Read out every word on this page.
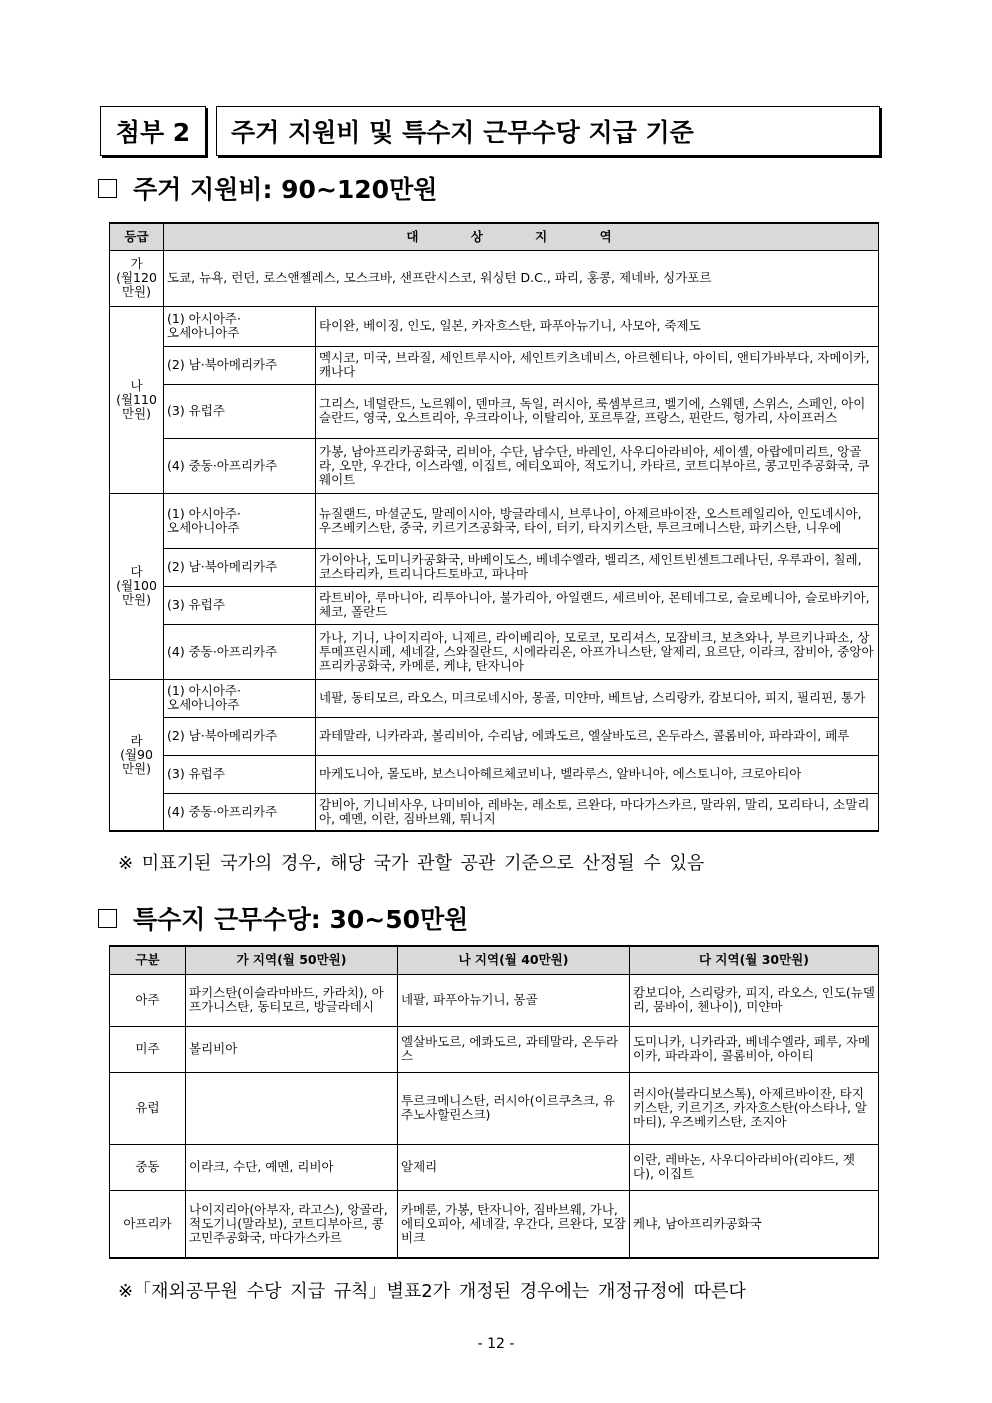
첨부 2	주거 지원비 및 특수지 근무수당 지급 기준
주거 지원비: 90~120만원
등급	대 상 지 역	
가
(월120
만원)	도쿄, 뉴욕, 런던, 로스앤젤레스, 모스크바, 샌프란시스코, 워싱턴 D.C., 파리, 홍콩, 제네바, 싱가포르	
나
(월110
만원)	(1) 아시아주·
오세아니아주	타이완, 베이징, 인도, 일본, 카자흐스탄, 파푸아뉴기니, 사모아, 죽제도
	(2) 남·북아메리카주	멕시코, 미국, 브라질, 세인트루시아, 세인트키츠네비스, 아르헨티나, 아이티, 앤티가바부다, 자메이카, 캐나다
	(3) 유럽주	그리스, 네덜란드, 노르웨이, 덴마크, 독일, 러시아, 룩셈부르크, 벨기에, 스웨덴, 스위스, 스페인, 아이슬란드, 영국, 오스트리아, 우크라이나, 이탈리아, 포르투갈, 프랑스, 핀란드, 헝가리, 사이프러스
	(4) 중동·아프리카주	가봉, 남아프리카공화국, 리비아, 수단, 남수단, 바레인, 사우디아라비아, 세이셸, 아랍에미리트, 앙골라, 오만, 우간다, 이스라엘, 이집트, 에티오피아, 적도기니, 카타르, 코트디부아르, 콩고민주공화국, 쿠웨이트
다
(월100
만원)	(1) 아시아주·
오세아니아주	뉴질랜드, 마셜군도, 말레이시아, 방글라데시, 브루나이, 아제르바이잔, 오스트레일리아, 인도네시아, 우즈베키스탄, 중국, 키르기즈공화국, 타이, 터키, 타지키스탄, 투르크메니스탄, 파키스탄, 니우에
	(2) 남·북아메리카주	가이아나, 도미니카공화국, 바베이도스, 베네수엘라, 벨리즈, 세인트빈센트그레나딘, 우루과이, 칠레, 코스타리카, 트리니다드토바고, 파나마
	(3) 유럽주	라트비아, 루마니아, 리투아니아, 불가리아, 아일랜드, 세르비아, 몬테네그로, 슬로베니아, 슬로바키아, 체코, 폴란드
	(4) 중동·아프리카주	가나, 기니, 나이지리아, 니제르, 라이베리아, 모로코, 모리셔스, 모잠비크, 보츠와나, 부르키나파소, 상투메프린시페, 세네갈, 스와질란드, 시에라리온, 아프가니스탄, 알제리, 요르단, 이라크, 잠비아, 중앙아프리카공화국, 카메룬, 케냐, 탄자니아
라
(월90
만원)	(1) 아시아주·
오세아니아주	네팔, 동티모르, 라오스, 미크로네시아, 몽골, 미얀마, 베트남, 스리랑카, 캄보디아, 피지, 필리핀, 통가
	(2) 남·북아메리카주	과테말라, 니카라과, 볼리비아, 수리남, 에콰도르, 엘살바도르, 온두라스, 콜롬비아, 파라과이, 페루
	(3) 유럽주	마케도니아, 몰도바, 보스니아헤르체코비나, 벨라루스, 알바니아, 에스토니아, 크로아티아
	(4) 중동·아프리카주	감비아, 기니비사우, 나미비아, 레바논, 레소토, 르완다, 마다가스카르, 말라위, 말리, 모리타니, 소말리아, 예멘, 이란, 짐바브웨, 튀니지
※ 미표기된 국가의 경우, 해당 국가 관할 공관 기준으로 산정될 수 있음
특수지 근무수당: 30~50만원
구분	가 지역(월 50만원)	나 지역(월 40만원)	다 지역(월 30만원)
아주	파키스탄(이슬라마바드, 카라치), 아프가니스탄, 동티모르, 방글라데시	네팔, 파푸아뉴기니, 몽골	캄보디아, 스리랑카, 피지, 라오스, 인도(뉴델리, 뭄바이, 첸나이), 미얀마
미주	볼리비아	엘살바도르, 에콰도르, 과테말라, 온두라스	도미니카, 니카라과, 베네수엘라, 페루, 자메이카, 파라과이, 콜롬비아, 아이티
유럽		투르크메니스탄, 러시아(이르쿠츠크, 유주노사할린스크)	러시아(블라디보스톡), 아제르바이잔, 타지키스탄, 키르기즈, 카자흐스탄(아스타나, 알마티), 우즈베키스탄, 조지아
중동	이라크, 수단, 예멘, 리비아	알제리	이란, 레바논, 사우디아라비아(리야드, 젯다), 이집트
아프리카	나이지리아(아부자, 라고스), 앙골라, 적도기니(말라보), 코트디부아르, 콩고민주공화국, 마다가스카르	카메룬, 가봉, 탄자니아, 짐바브웨, 가나, 에티오피아, 세네갈, 우간다, 르완다, 모잠비크	케냐, 남아프리카공화국
※「재외공무원 수당 지급 규칙」별표2가 개정된 경우에는 개정규정에 따른다
- 12 -
